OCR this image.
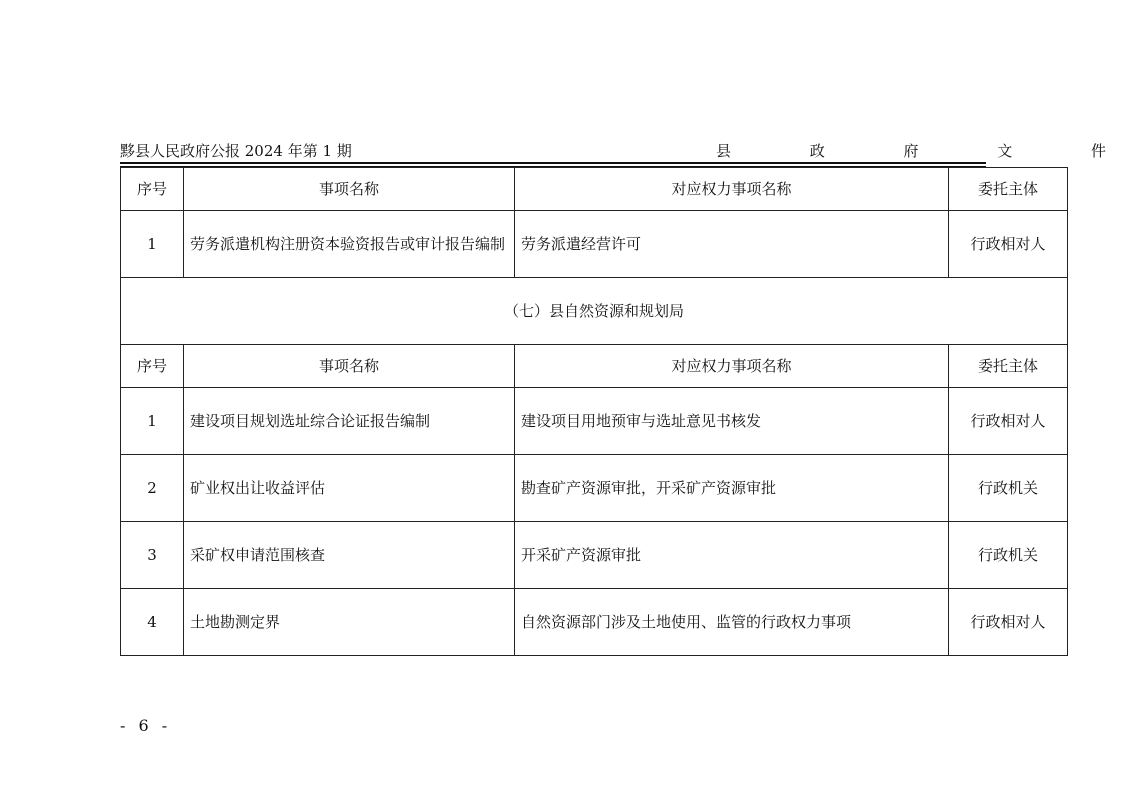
黟县人民政府公报 2024 年第 1 期	县	政	府	文	件
序号	事项名称	对应权力事项名称	委托主体
1	劳务派遣机构注册资本验资报告或审计报告编制	劳务派遣经营许可	行政相对人
（七）县自然资源和规划局			
序号	事项名称	对应权力事项名称	委托主体
1	建设项目规划选址综合论证报告编制	建设项目用地预审与选址意见书核发	行政相对人
2	矿业权出让收益评估	勘查矿产资源审批，开采矿产资源审批	行政机关
3	采矿权申请范围核查	开采矿产资源审批	行政机关
4	土地勘测定界	自然资源部门涉及土地使用、监管的行政权力事项	行政相对人
- 6 -
